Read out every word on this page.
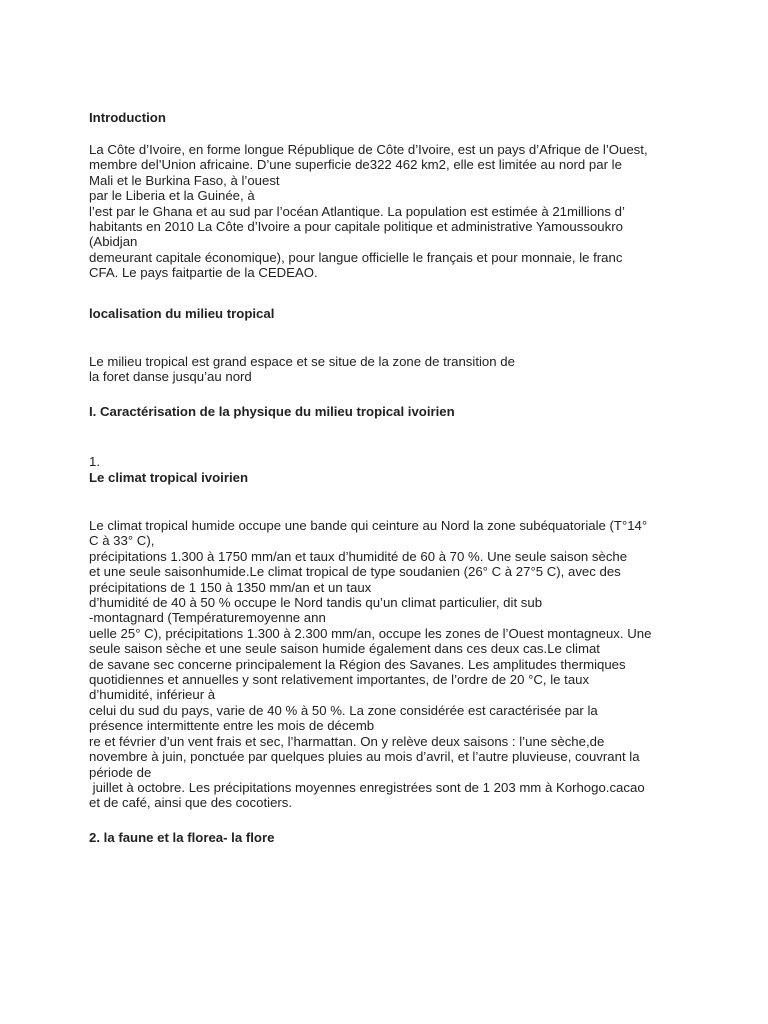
Introduction
La Côte d’Ivoire, en forme longue République de Côte d’Ivoire, est un pays d’Afrique de l’Ouest,
membre del’Union africaine. D’une superficie de322 462 km2, elle est limitée au nord par le
Mali et le Burkina Faso, à l’ouest
par le Liberia et la Guinée, à
l’est par le Ghana et au sud par l’océan Atlantique. La population est estimée à 21millions d’
habitants en 2010 La Côte d’Ivoire a pour capitale politique et administrative Yamoussoukro
(Abidjan
demeurant capitale économique), pour langue officielle le français et pour monnaie, le franc
CFA. Le pays faitpartie de la CEDEAO.
localisation du milieu tropical
Le milieu tropical est grand espace et se situe de la zone de transition de
la foret danse jusqu’au nord
I. Caractérisation de la physique du milieu tropical ivoirien
1.
Le climat tropical ivoirien
Le climat tropical humide occupe une bande qui ceinture au Nord la zone subéquatoriale (T°14°
C à 33° C),
précipitations 1.300 à 1750 mm/an et taux d’humidité de 60 à 70 %. Une seule saison sèche
et une seule saisonhumide.Le climat tropical de type soudanien (26° C à 27°5 C), avec des
précipitations de 1 150 à 1350 mm/an et un taux
d’humidité de 40 à 50 % occupe le Nord tandis qu’un climat particulier, dit sub
-montagnard (Températuremoyenne ann
uelle 25° C), précipitations 1.300 à 2.300 mm/an, occupe les zones de l’Ouest montagneux. Une
seule saison sèche et une seule saison humide également dans ces deux cas.Le climat
de savane sec concerne principalement la Région des Savanes. Les amplitudes thermiques
quotidiennes et annuelles y sont relativement importantes, de l’ordre de 20 °C, le taux
d’humidité, inférieur à
celui du sud du pays, varie de 40 % à 50 %. La zone considérée est caractérisée par la
présence intermittente entre les mois de décemb
re et février d’un vent frais et sec, l’harmattan. On y relève deux saisons : l’une sèche,de
novembre à juin, ponctuée par quelques pluies au mois d’avril, et l’autre pluvieuse, couvrant la
période de
juillet à octobre. Les précipitations moyennes enregistrées sont de 1 203 mm à Korhogo.cacao
et de café, ainsi que des cocotiers.
2. la faune et la florea- la flore
